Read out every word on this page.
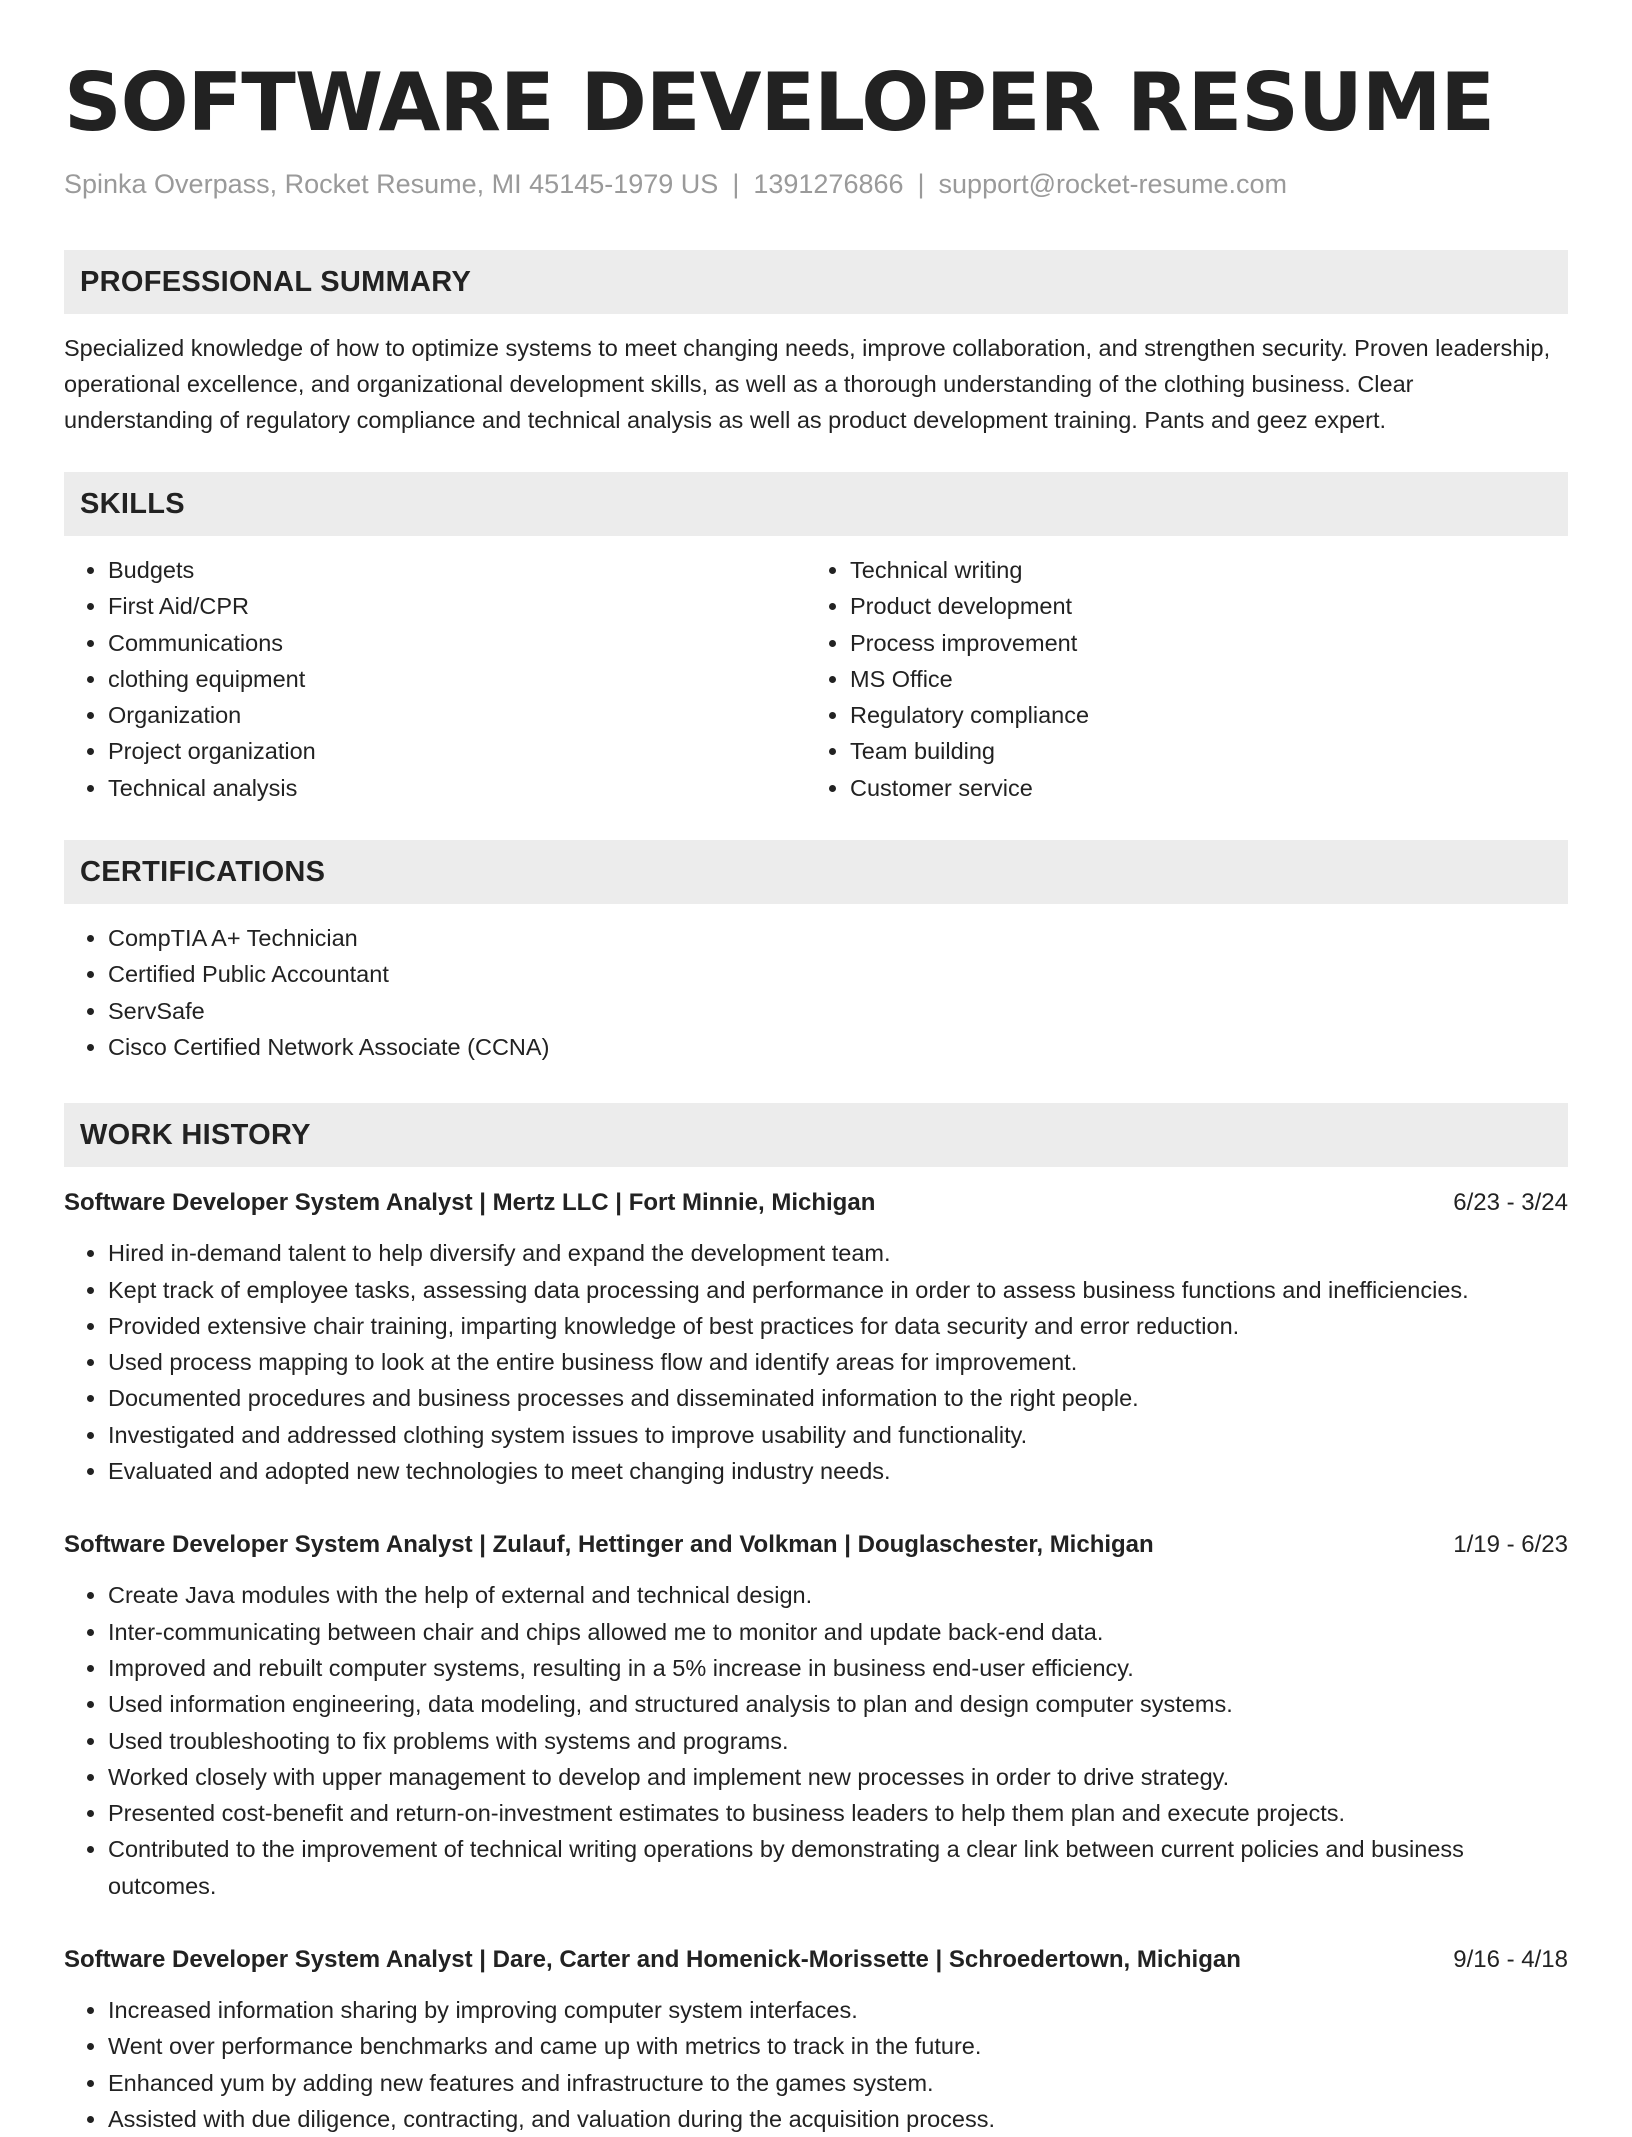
SOFTWARE DEVELOPER RESUME
Spinka Overpass, Rocket Resume, MI 45145-1979 US | 1391276866 | support@rocket-resume.com
PROFESSIONAL SUMMARY
Specialized knowledge of how to optimize systems to meet changing needs, improve collaboration, and strengthen security. Proven leadership, operational excellence, and organizational development skills, as well as a thorough understanding of the clothing business. Clear understanding of regulatory compliance and technical analysis as well as product development training. Pants and geez expert.
SKILLS
• Budgets
• First Aid/CPR
• Communications
• clothing equipment
• Organization
• Project organization
• Technical analysis
• Technical writing
• Product development
• Process improvement
• MS Office
• Regulatory compliance
• Team building
• Customer service
CERTIFICATIONS
• CompTIA A+ Technician
• Certified Public Accountant
• ServSafe
• Cisco Certified Network Associate (CCNA)
WORK HISTORY
Software Developer System Analyst | Mertz LLC | Fort Minnie, Michigan	6/23 - 3/24
• Hired in-demand talent to help diversify and expand the development team.
• Kept track of employee tasks, assessing data processing and performance in order to assess business functions and inefficiencies.
• Provided extensive chair training, imparting knowledge of best practices for data security and error reduction.
• Used process mapping to look at the entire business flow and identify areas for improvement.
• Documented procedures and business processes and disseminated information to the right people.
• Investigated and addressed clothing system issues to improve usability and functionality.
• Evaluated and adopted new technologies to meet changing industry needs.
Software Developer System Analyst | Zulauf, Hettinger and Volkman | Douglaschester, Michigan	1/19 - 6/23
• Create Java modules with the help of external and technical design.
• Inter-communicating between chair and chips allowed me to monitor and update back-end data.
• Improved and rebuilt computer systems, resulting in a 5% increase in business end-user efficiency.
• Used information engineering, data modeling, and structured analysis to plan and design computer systems.
• Used troubleshooting to fix problems with systems and programs.
• Worked closely with upper management to develop and implement new processes in order to drive strategy.
• Presented cost-benefit and return-on-investment estimates to business leaders to help them plan and execute projects.
• Contributed to the improvement of technical writing operations by demonstrating a clear link between current policies and business outcomes.
Software Developer System Analyst | Dare, Carter and Homenick-Morissette | Schroedertown, Michigan	9/16 - 4/18
• Increased information sharing by improving computer system interfaces.
• Went over performance benchmarks and came up with metrics to track in the future.
• Enhanced yum by adding new features and infrastructure to the games system.
• Assisted with due diligence, contracting, and valuation during the acquisition process.
